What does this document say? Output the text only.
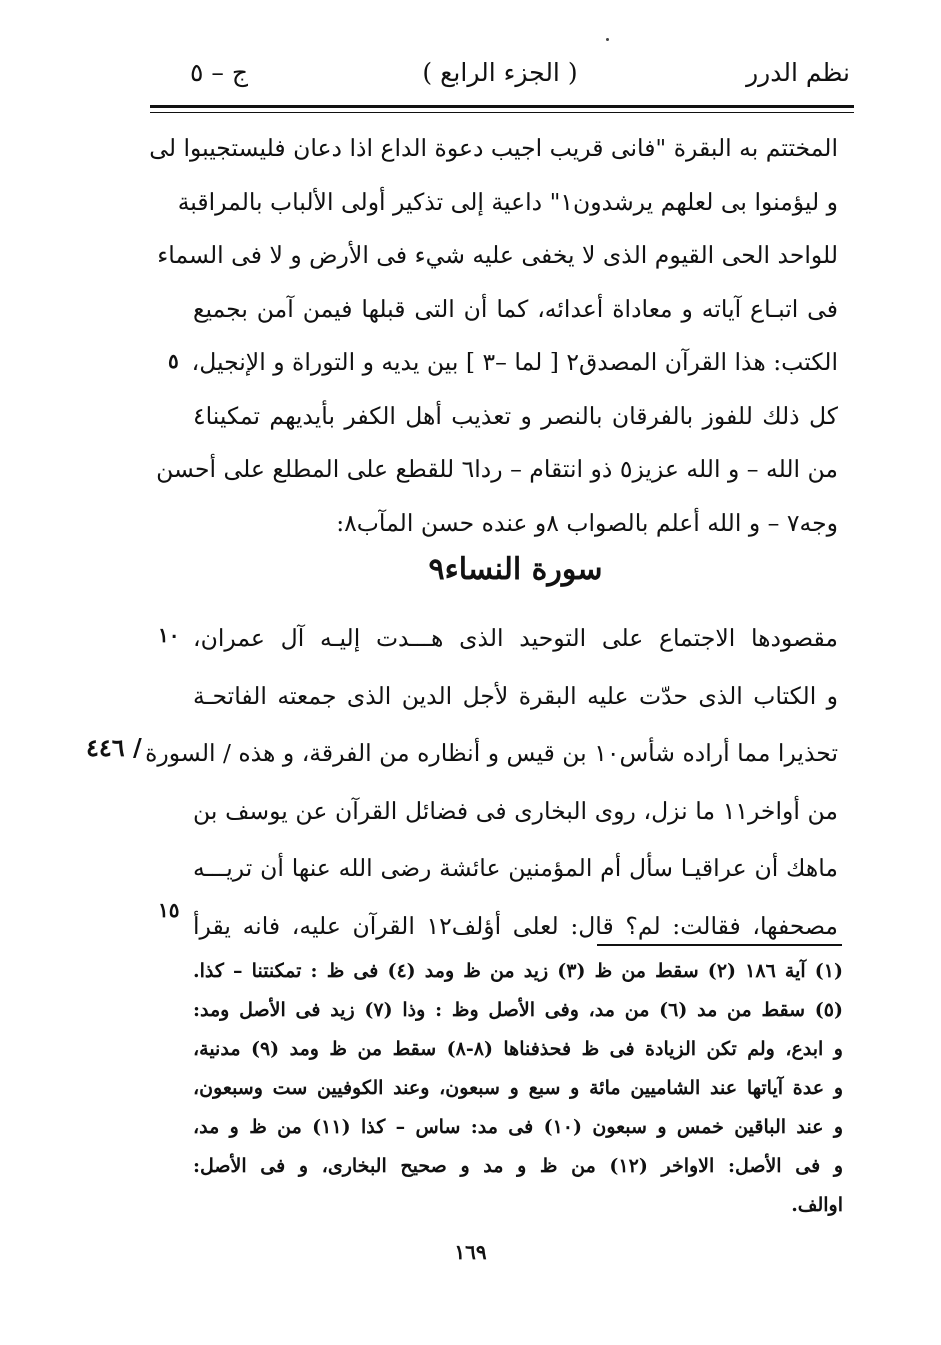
نظم الدرر
( الجزء الرابع )
ج – ٥
المختتم به البقرة "فانى قريب اجيب دعوة الداع اذا دعان فليستجيبوا لى
و ليؤمنوا بى لعلهم يرشدون١" داعية إلى تذكير أولى الألباب بالمراقبة
للواحد الحى القيوم الذى لا يخفى عليه شيء فى الأرض و لا فى السماء
فى اتبـاع آياته و معاداة أعدائه، كما أن التى قبلها فيمن آمن بجميع
الكتب: هذا القرآن المصدق٢ [ لما –٣ ] بين يديه و التوراة و الإنجيل،
كل ذلك للفوز بالفرقان بالنصر و تعذيب أهل الكفر بأيديهم تمكينا٤
من الله – و الله عزيز٥ ذو انتقام – ردا٦ للقطع على المطلع على أحسن
وجه٧ – و الله أعلم بالصواب ٨و عنده حسن المآب٨:
سورة النساء٩
مقصودها الاجتماع على التوحيد الذى هـــدت إليـه آل عمران،
و الكتاب الذى حدّت عليه البقرة لأجل الدين الذى جمعته الفاتحـة
تحذيرا مما أراده شأس١٠ بن قيس و أنظاره من الفرقة، و هذه / السورة
من أواخر١١ ما نزل، روى البخارى فى فضائل القرآن عن يوسف بن
ماهك أن عراقيـا سأل أم المؤمنين عائشة رضى الله عنها أن تريـــه
مصحفها، فقالت: لم؟ قال: لعلى أؤلف١٢ القرآن عليه، فانه يقرأ
٥
١٠
١٥
٤٤٦ /
(١) آية ١٨٦ (٢) سقط من ظ (٣) زيد من ظ ومد (٤) فى ظ : تمكنتنا – كذا.
(٥) سقط من مد (٦) من مد، وفى الأصل وظ : وذا (٧) زيد فى الأصل ومد:
و ابدع، ولم تكن الزيادة فى ظ فحذفناها (٨-٨) سقط من ظ ومد (٩) مدنية،
و عدة آياتها عند الشاميين مائة و سبع و سبعون، وعند الكوفيين ست وسبعون،
و عند الباقين خمس و سبعون (١٠) فى مد: ساس – كذا (١١) من ظ و مد،
و فى الأصل: الاواخر (١٢) من ظ و مد و صحيح البخارى، و فى الأصل:
اوالف.
١٦٩
